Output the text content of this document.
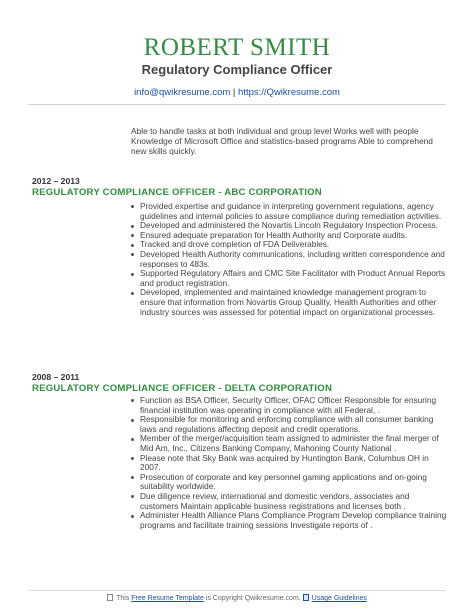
ROBERT SMITH
Regulatory Compliance Officer
info@qwikresume.com | https://Qwikresume.com
Able to handle tasks at both individual and group level Works well with people Knowledge of Microsoft Office and statistics-based programs Able to comprehend new skills quickly.
2012 – 2013
REGULATORY COMPLIANCE OFFICER - ABC CORPORATION
Provided expertise and guidance in interpreting government regulations, agency guidelines and internal policies to assure compliance during remediation activities.
Developed and administered the Novartis Lincoln Regulatory Inspection Process.
Ensured adequate preparation for Health Authority and Corporate audits.
Tracked and drove completion of FDA Deliverables.
Developed Health Authority communications, including written correspondence and responses to 483s.
Supported Regulatory Affairs and CMC Site Facilitator with Product Annual Reports and product registration.
Developed, implemented and maintained knowledge management program to ensure that information from Novartis Group Quality, Health Authorities and other industry sources was assessed for potential impact on organizational processes.
2008 – 2011
REGULATORY COMPLIANCE OFFICER - DELTA CORPORATION
Function as BSA Officer, Security Officer, OFAC Officer Responsible for ensuring financial institution was operating in compliance with all Federal, .
Responsible for monitoring and enforcing compliance with all consumer banking laws and regulations affecting deposit and credit operations.
Member of the merger/acquisition team assigned to administer the final merger of Mid Am, Inc., Citizens Banking Company, Mahoning County National .
Please note that Sky Bank was acquired by Huntington Bank, Columbus OH in 2007.
Prosecution of corporate and key personnel gaming applications and on-going suitability worldwide.
Due diligence review, international and domestic vendors, associates and customers Maintain applicable business registrations and licenses both .
Administer Health Alliance Plans Compliance Program Develop compliance training programs and facilitate training sessions Investigate reports of .
This Free Resume Template is Copyright Qwikresume.com. Usage Guidelines
